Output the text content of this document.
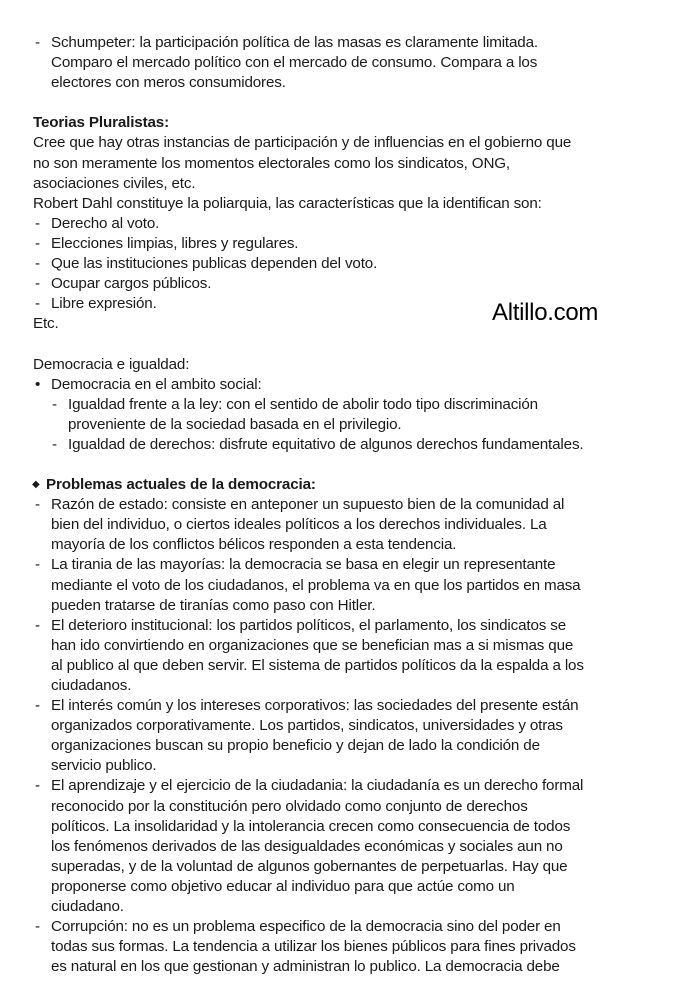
- Schumpeter: la participación política de las masas es claramente limitada.
Comparo el mercado político con el mercado de consumo. Compara a los
electores con meros consumidores.
Teorias Pluralistas:
Cree que hay otras instancias de participación y de influencias en el gobierno que
no son meramente los momentos electorales como los sindicatos, ONG,
asociaciones civiles, etc.
Robert Dahl constituye la poliarquia, las características que la identifican son:
- Derecho al voto.
- Elecciones limpias, libres y regulares.
- Que las instituciones publicas dependen del voto.
- Ocupar cargos públicos.
- Libre expresión.
Etc.
Democracia e igualdad:
• Democracia en el ambito social:
- Igualdad frente a la ley: con el sentido de abolir todo tipo discriminación
proveniente de la sociedad basada en el privilegio.
- Igualdad de derechos: disfrute equitativo de algunos derechos fundamentales.
◆ Problemas actuales de la democracia:
- Razón de estado: consiste en anteponer un supuesto bien de la comunidad al
bien del individuo, o ciertos ideales políticos a los derechos individuales. La
mayoría de los conflictos bélicos responden a esta tendencia.
- La tirania de las mayorías: la democracia se basa en elegir un representante
mediante el voto de los ciudadanos, el problema va en que los partidos en masa
pueden tratarse de tiranías como paso con Hitler.
- El deterioro institucional: los partidos políticos, el parlamento, los sindicatos se
han ido convirtiendo en organizaciones que se benefician mas a si mismas que
al publico al que deben servir. El sistema de partidos políticos da la espalda a los
ciudadanos.
- El interés común y los intereses corporativos: las sociedades del presente están
organizados corporativamente. Los partidos, sindicatos, universidades y otras
organizaciones buscan su propio beneficio y dejan de lado la condición de
servicio publico.
- El aprendizaje y el ejercicio de la ciudadania: la ciudadanía es un derecho formal
reconocido por la constitución pero olvidado como conjunto de derechos
políticos. La insolidaridad y la intolerancia crecen como consecuencia de todos
los fenómenos derivados de las desigualdades económicas y sociales aun no
superadas, y de la voluntad de algunos gobernantes de perpetuarlas. Hay que
proponerse como objetivo educar al individuo para que actúe como un
ciudadano.
- Corrupción: no es un problema especifico de la democracia sino del poder en
todas sus formas. La tendencia a utilizar los bienes públicos para fines privados
es natural en los que gestionan y administran lo publico. La democracia debe
Altillo.com
